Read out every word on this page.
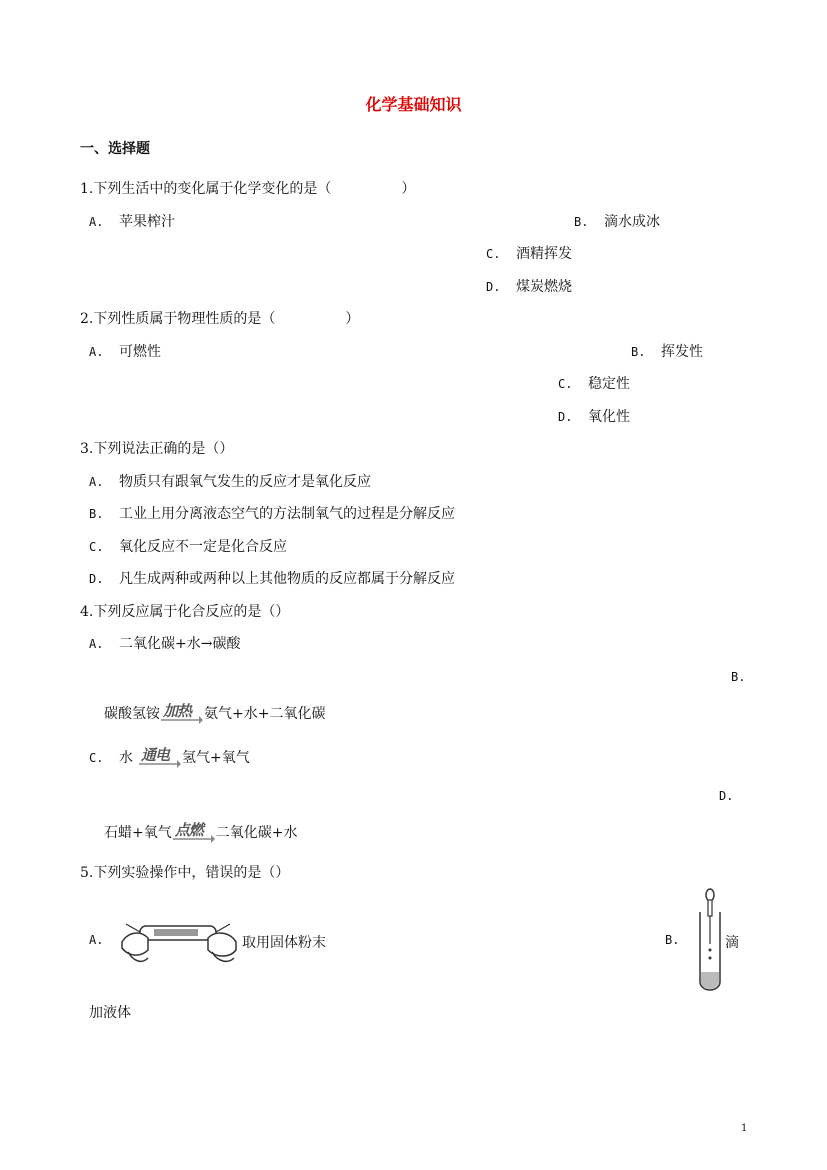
化学基础知识
一、选择题
1.下列生活中的变化属于化学变化的是（　　　　　）
A. 苹果榨汁	B. 滴水成冰
C. 酒精挥发
D. 煤炭燃烧
2.下列性质属于物理性质的是（　　　　　）
A. 可燃性	B. 挥发性
C. 稳定性
D. 氧化性
3.下列说法正确的是（）
A. 物质只有跟氧气发生的反应才是氧化反应
B. 工业上用分离液态空气的方法制氧气的过程是分解反应
C. 氧化反应不一定是化合反应
D. 凡生成两种或两种以上其他物质的反应都属于分解反应
4.下列反应属于化合反应的是（）
A. 二氧化碳+水→碳酸
B.
碳酸氢铵 加热 氨气+水+二氧化碳
C. 水 通电 氢气+氧气
D.
石蜡+氧气 点燃 二氧化碳+水
5.下列实验操作中，错误的是（）
A.	取用固体粉末	B.	滴
加液体
1
